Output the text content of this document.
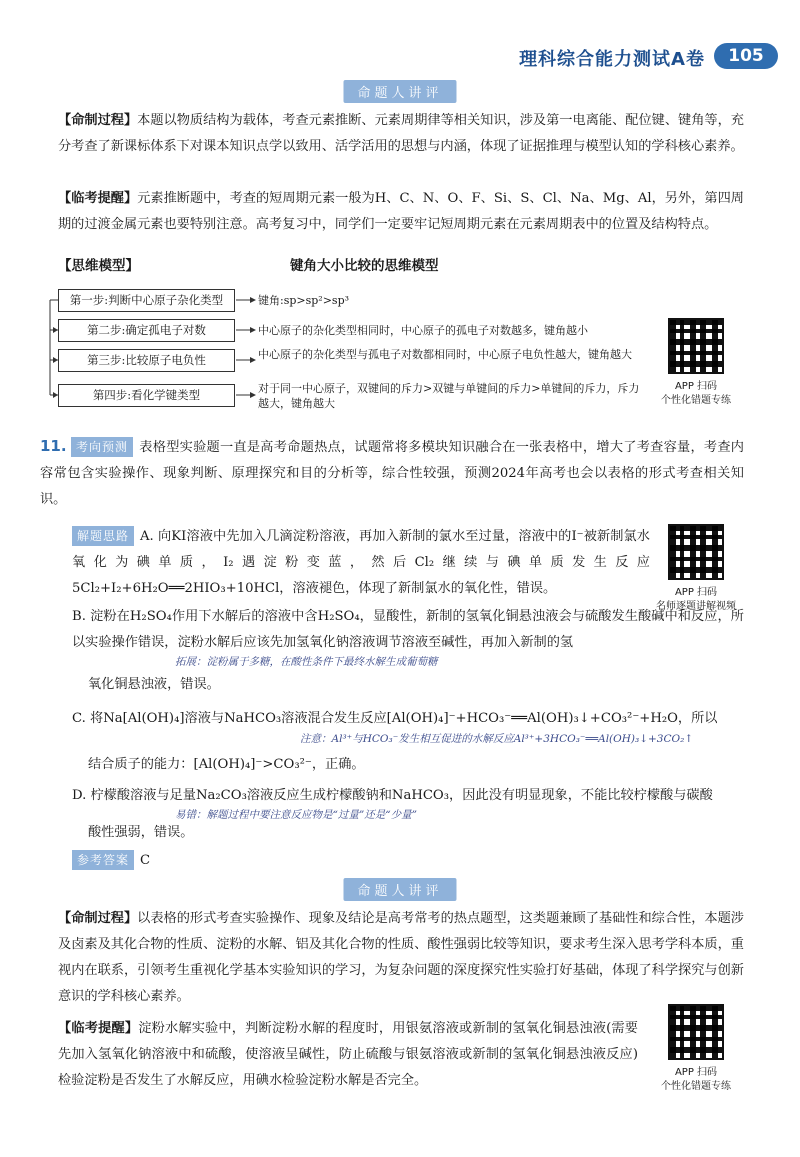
理科综合能力测试A卷	105
命题人讲评
【命制过程】本题以物质结构为载体，考查元素推断、元素周期律等相关知识，涉及第一电离能、配位键、键角等，充分考查了新课标体系下对课本知识点学以致用、活学活用的思想与内涵，体现了证据推理与模型认知的学科核心素养。
【临考提醒】元素推断题中，考查的短周期元素一般为H、C、N、O、F、Si、S、Cl、Na、Mg、Al，另外，第四周期的过渡金属元素也要特别注意。高考复习中，同学们一定要牢记短周期元素在元素周期表中的位置及结构特点。
【思维模型】	键角大小比较的思维模型
第一步:判断中心原子杂化类型	键角:sp>sp²>sp³
第二步:确定孤电子对数	中心原子的杂化类型相同时，中心原子的孤电子对数越多，键角越小
第三步:比较原子电负性	中心原子的杂化类型与孤电子对数都相同时，中心原子电负性越大，键角越大
第四步:看化学键类型	对于同一中心原子，双键间的斥力>双键与单键间的斥力>单键间的斥力，斥力越大，键角越大
APP 扫码
个性化错题专练
11. 考向预测 表格型实验题一直是高考命题热点，试题常将多模块知识融合在一张表格中，增大了考查容量，考查内容常包含实验操作、现象判断、原理探究和目的分析等，综合性较强，预测2024年高考也会以表格的形式考查相关知识。
解题思路 A. 向KI溶液中先加入几滴淀粉溶液，再加入新制的氯水至过量，溶液中的I⁻被新制氯水氧化为碘单质，I₂遇淀粉变蓝，然后Cl₂继续与碘单质发生反应5Cl₂+I₂+6H₂O══2HIO₃+10HCl，溶液褪色，体现了新制氯水的氧化性，错误。	APP 扫码
名师逐题讲解视频
B. 淀粉在H₂SO₄作用下水解后的溶液中含H₂SO₄，显酸性，新制的氢氧化铜悬浊液会与硫酸发生酸碱中和反应，所以实验操作错误，淀粉水解后应该先加氢氧化钠溶液调节溶液至碱性，再加入新制的氢
拓展：淀粉属于多糖，在酸性条件下最终水解生成葡萄糖
氧化铜悬浊液，错误。
C. 将Na[Al(OH)₄]溶液与NaHCO₃溶液混合发生反应[Al(OH)₄]⁻+HCO₃⁻══Al(OH)₃↓+CO₃²⁻+H₂O，所以
注意：Al³⁺与HCO₃⁻发生相互促进的水解反应Al³⁺+3HCO₃⁻══Al(OH)₃↓+3CO₂↑
结合质子的能力：[Al(OH)₄]⁻>CO₃²⁻，正确。
D. 柠檬酸溶液与足量Na₂CO₃溶液反应生成柠檬酸钠和NaHCO₃，因此没有明显现象，不能比较柠檬酸与碳酸
易错：解题过程中要注意反应物是“过量”还是“少量”
酸性强弱，错误。
参考答案 C
命题人讲评
【命制过程】以表格的形式考查实验操作、现象及结论是高考常考的热点题型，这类题兼顾了基础性和综合性，本题涉及卤素及其化合物的性质、淀粉的水解、铝及其化合物的性质、酸性强弱比较等知识，要求考生深入思考学科本质，重视内在联系，引领考生重视化学基本实验知识的学习，为复杂问题的深度探究性实验打好基础，体现了科学探究与创新意识的学科核心素养。
【临考提醒】淀粉水解实验中，判断淀粉水解的程度时，用银氨溶液或新制的氢氧化铜悬浊液(需要先加入氢氧化钠溶液中和硫酸，使溶液呈碱性，防止硫酸与银氨溶液或新制的氢氧化铜悬浊液反应)检验淀粉是否发生了水解反应，用碘水检验淀粉水解是否完全。
APP 扫码
个性化错题专练
